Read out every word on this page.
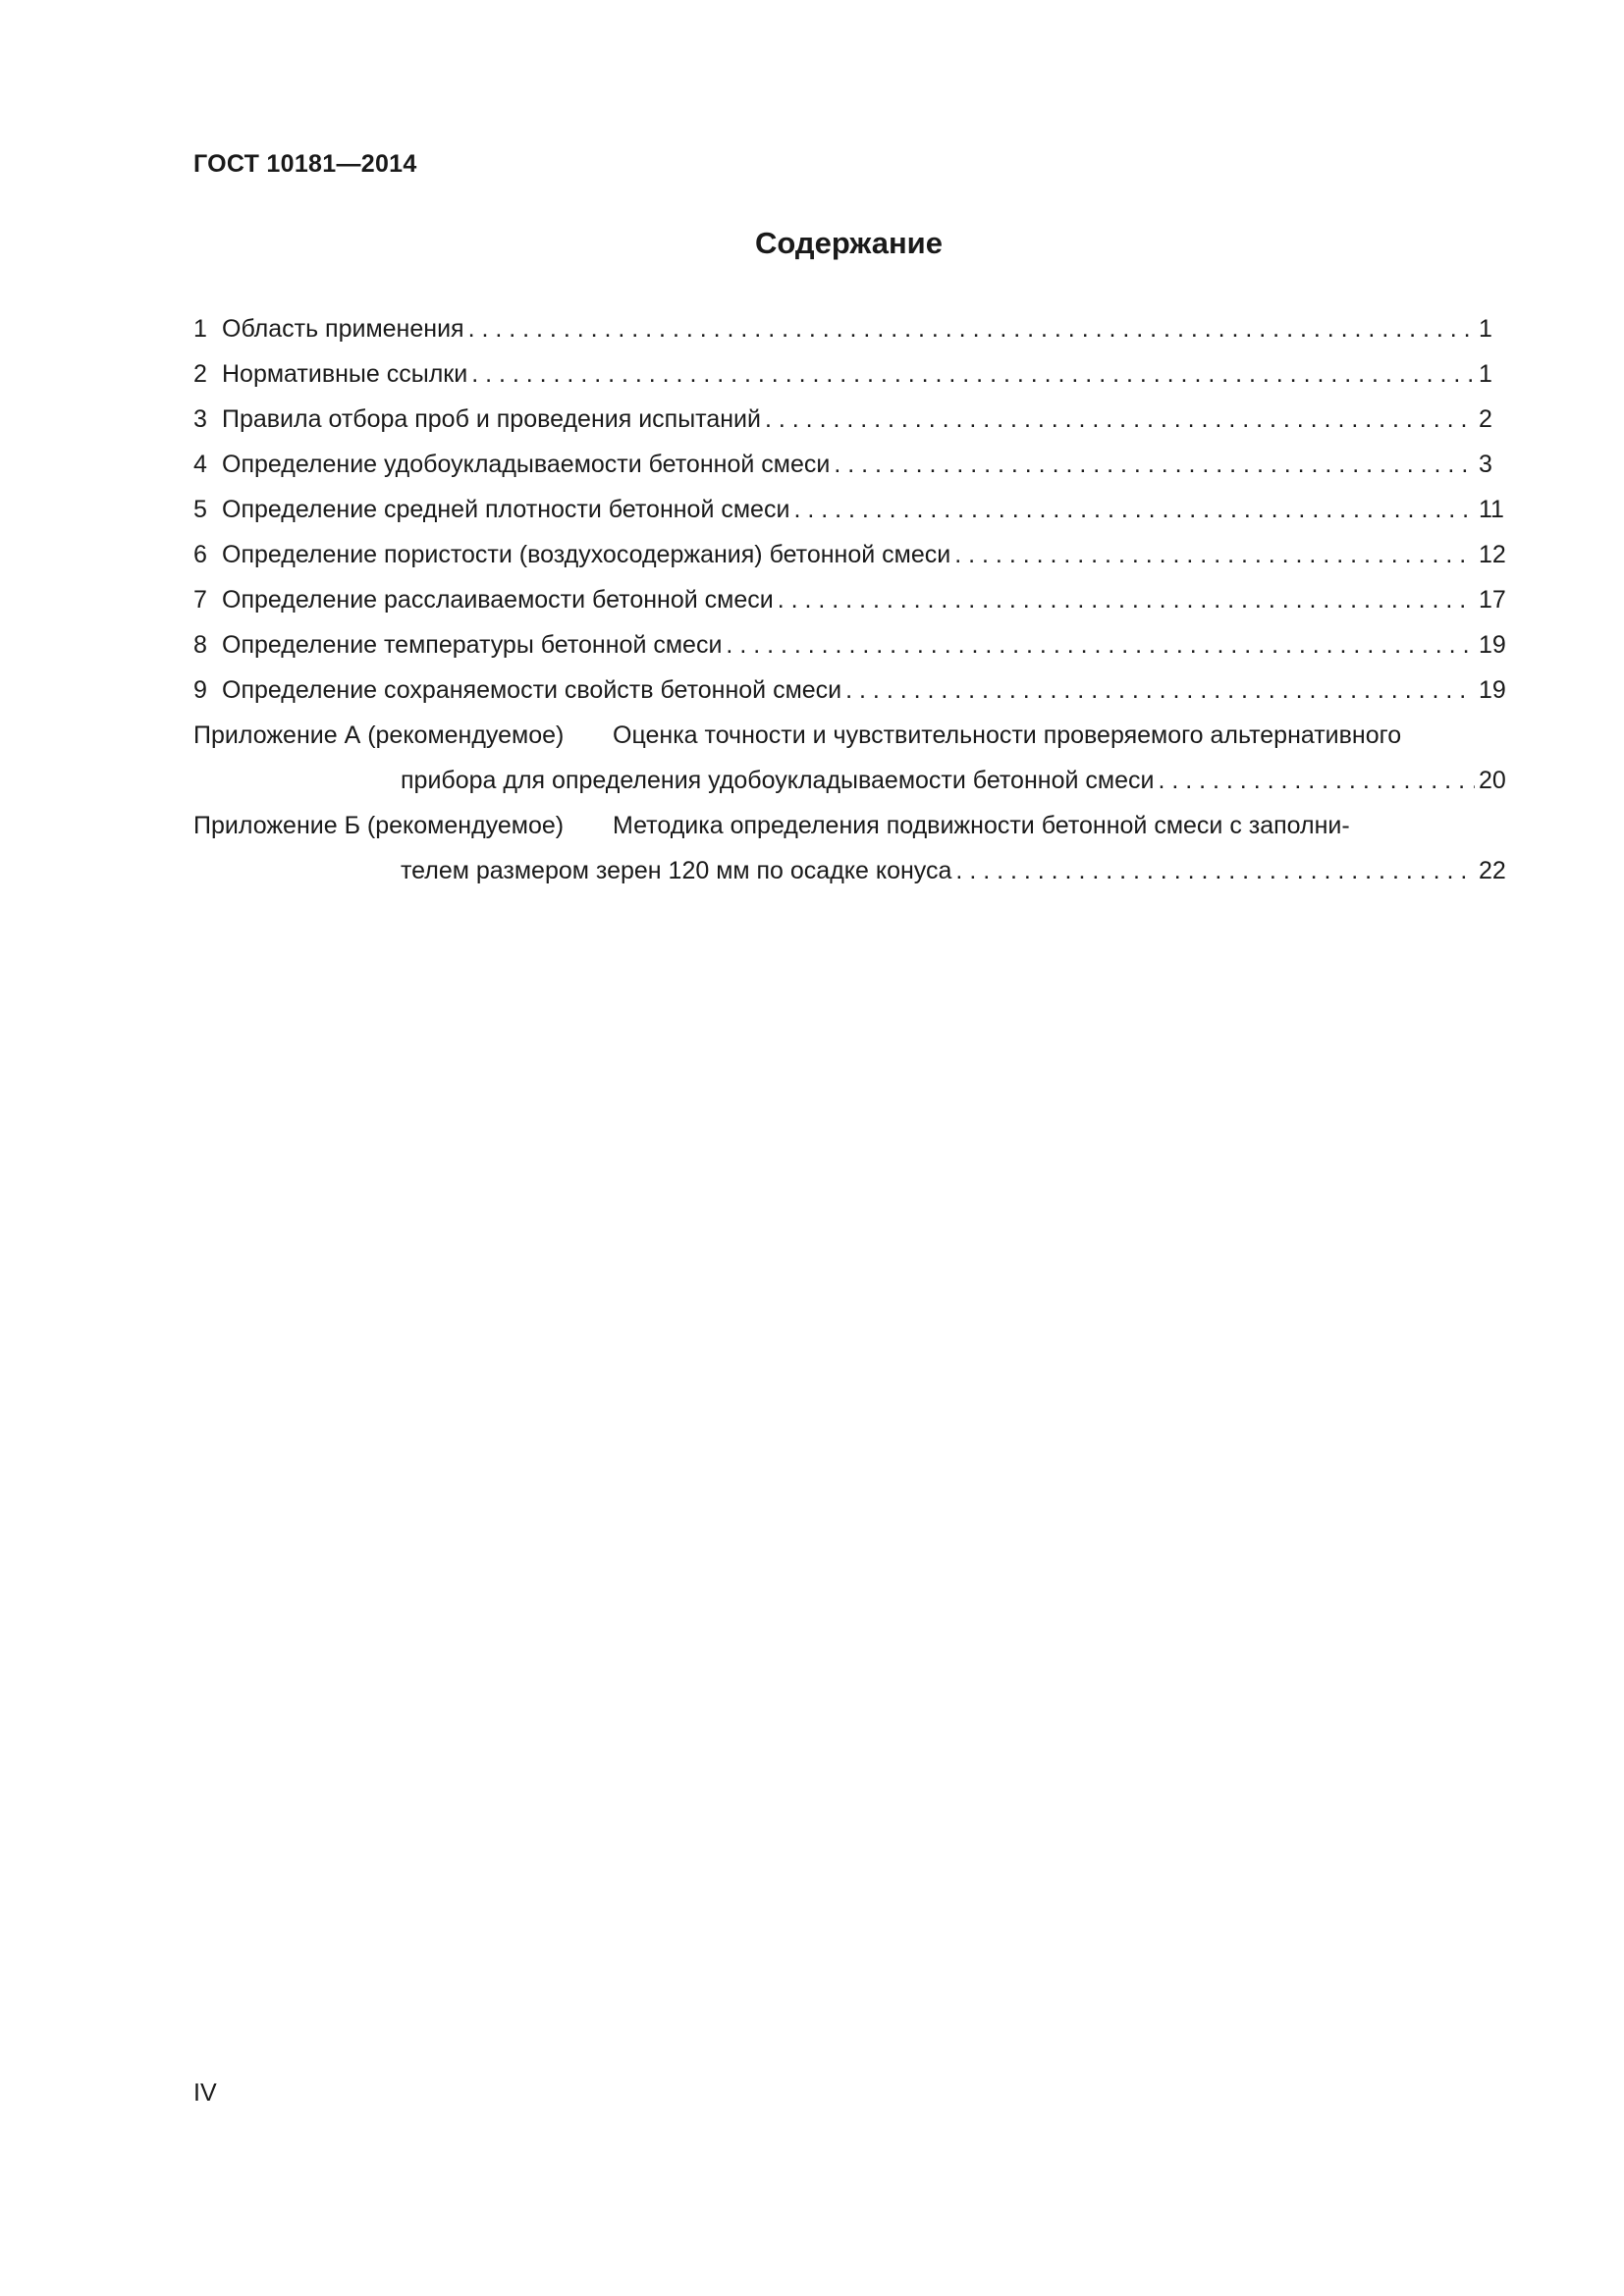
ГОСТ 10181—2014
Содержание
1 Область применения . . .	1
2 Нормативные ссылки . . .	1
3 Правила отбора проб и проведения испытаний . . .	2
4 Определение удобоукладываемости бетонной смеси . . .	3
5 Определение средней плотности бетонной смеси . . .	11
6 Определение пористости (воздухосодержания) бетонной смеси . . .	12
7 Определение расслаиваемости бетонной смеси . . .	17
8 Определение температуры бетонной смеси . . .	19
9 Определение сохраняемости свойств бетонной смеси . . .	19
Приложение А (рекомендуемое)	Оценка точности и чувствительности проверяемого альтернативного
прибора для определения удобоукладываемости бетонной смеси . . .	20
Приложение Б (рекомендуемое)	Методика определения подвижности бетонной смеси с заполни-
телем размером зерен 120 мм по осадке конуса . . .	22
IV
